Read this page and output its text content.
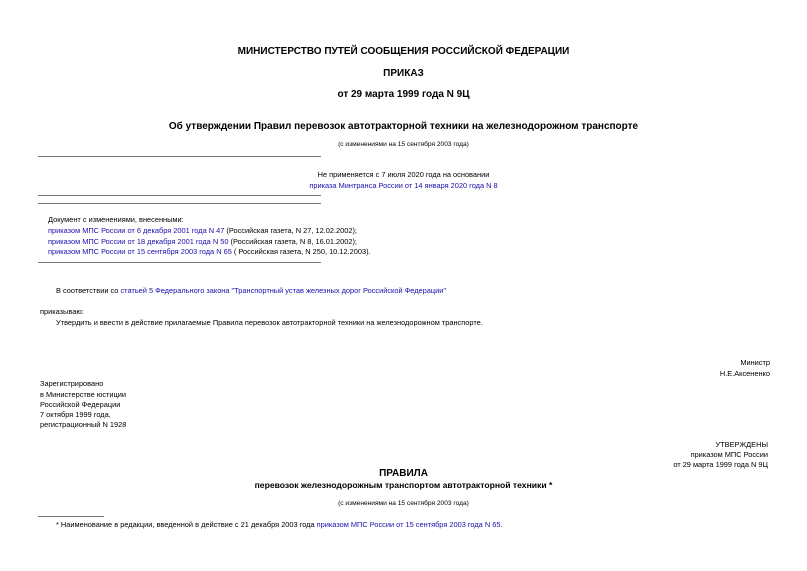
МИНИСТЕРСТВО ПУТЕЙ СООБЩЕНИЯ РОССИЙСКОЙ ФЕДЕРАЦИИ
ПРИКАЗ
от 29 марта 1999 года N 9Ц
Об утверждении Правил перевозок автотракторной техники на железнодорожном транспорте
(с изменениями на 15 сентября 2003 года)
Не применяется с 7 июля 2020 года на основании
приказа Минтранса России от 14 января 2020 года N 8
Документ с изменениями, внесенными:
приказом МПС России от 6 декабря 2001 года N 47 (Российская газета, N 27, 12.02.2002);
приказом МПС России от 18 декабря 2001 года N 50 (Российская газета, N 8, 16.01.2002);
приказом МПС России от 15 сентября 2003 года N 65 ( Российская газета, N 250, 10.12.2003).
В соответствии со статьей 5 Федерального закона "Транспортный устав железных дорог Российской Федерации"
приказываю:
Утвердить и ввести в действие прилагаемые Правила перевозок автотракторной техники на железнодорожном транспорте.
Министр
Н.Е.Аксененко
Зарегистрировано
в Министерстве юстиции
Российской Федерации
7 октября 1999 года,
регистрационный N 1928
УТВЕРЖДЕНЫ
приказом МПС России
от 29 марта 1999 года N 9Ц
ПРАВИЛА
перевозок железнодорожным транспортом автотракторной техники *
(с изменениями на 15 сентября 2003 года)
* Наименование в редакции, введенной в действие с 21 декабря 2003 года приказом МПС России от 15 сентября 2003 года N 65.
